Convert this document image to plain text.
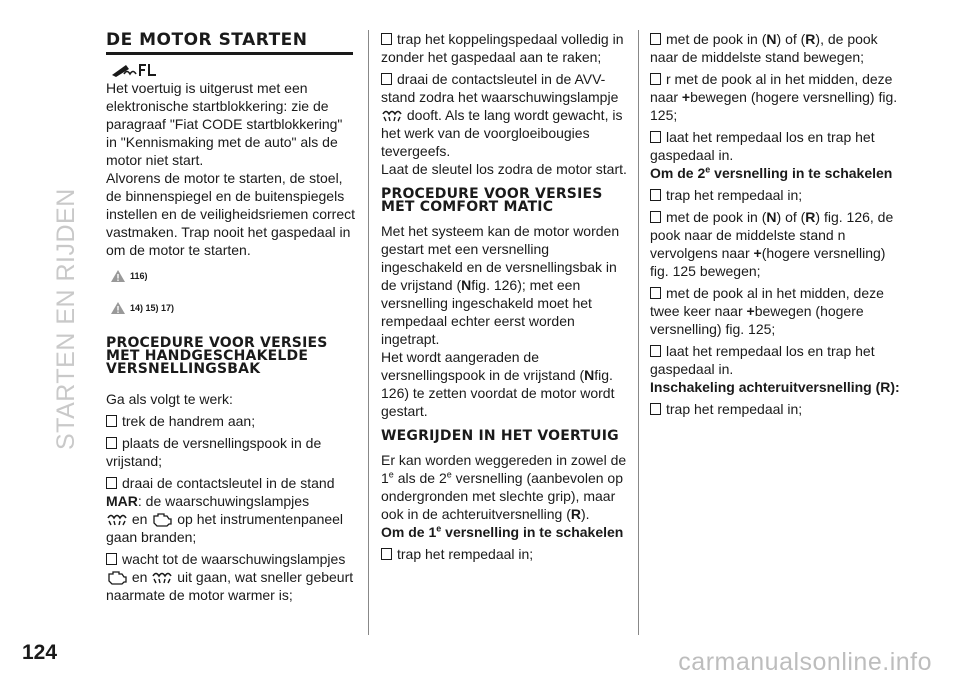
STARTEN EN RIJDEN
DE MOTOR STARTEN

Het voertuig is uitgerust met een elektronische startblokkering: zie de paragraaf "Fiat CODE startblokkering" in "Kennismaking met de auto" als de motor niet start.

Alvorens de motor te starten, de stoel, de binnenspiegel en de buitenspiegels instellen en de veiligheidsriemen correct vastmaken. Trap nooit het gaspedaal in om de motor te starten.

116)
14) 15) 17)
PROCEDURE VOOR VERSIES MET HANDGESCHAKELDE VERSNELLINGSBAK

Ga als volgt te werk:

trek de handrem aan;

plaats de versnellingspook in de vrijstand;

draai de contactsleutel in de stand MAR: de waarschuwingslampjes
en op het instrumentenpaneel gaan branden;

wacht tot de waarschuwingslampjes
en uit gaan, wat sneller gebeurt naarmate de motor warmer is;

trap het koppelingspedaal volledig in zonder het gaspedaal aan te raken;

draai de contactsleutel in de AVV-stand zodra het waarschuwingslampje  dooft. Als te lang wordt gewacht, is het werk van de voorgloeibougies tevergeefs.

Laat de sleutel los zodra de motor start.

PROCEDURE VOOR VERSIES MET COMFORT MATIC

Met het systeem kan de motor worden gestart met een versnelling ingeschakeld en de versnellingsbak in de vrijstand (Nfig. 126); met een versnelling ingeschakeld moet het rempedaal echter eerst worden ingetrapt.

Het wordt aangeraden de versnellingspook in de vrijstand (Nfig. 126) te zetten voordat de motor wordt gestart.

WEGRIJDEN IN HET VOERTUIG

Er kan worden weggereden in zowel de 1e als de 2e versnelling (aanbevolen op ondergronden met slechte grip), maar ook in de achteruitversnelling (R).

Om de 1e versnelling in te schakelen

trap het rempedaal in;

met de pook in (N) of (R), de pook naar de middelste stand bewegen;

r met de pook al in het midden, deze naar +bewegen (hogere versnelling) fig. 125;

laat het rempedaal los en trap het gaspedaal in.

Om de 2e versnelling in te schakelen

trap het rempedaal in;

met de pook in (N) of (R) fig. 126, de pook naar de middelste stand n vervolgens naar +(hogere versnelling) fig. 125 bewegen;

met de pook al in het midden, deze twee keer naar +bewegen (hogere versnelling) fig. 125;

laat het rempedaal los en trap het gaspedaal in.

Inschakeling achteruitversnelling (R):

trap het rempedaal in;

124	carmanualsonline.info
